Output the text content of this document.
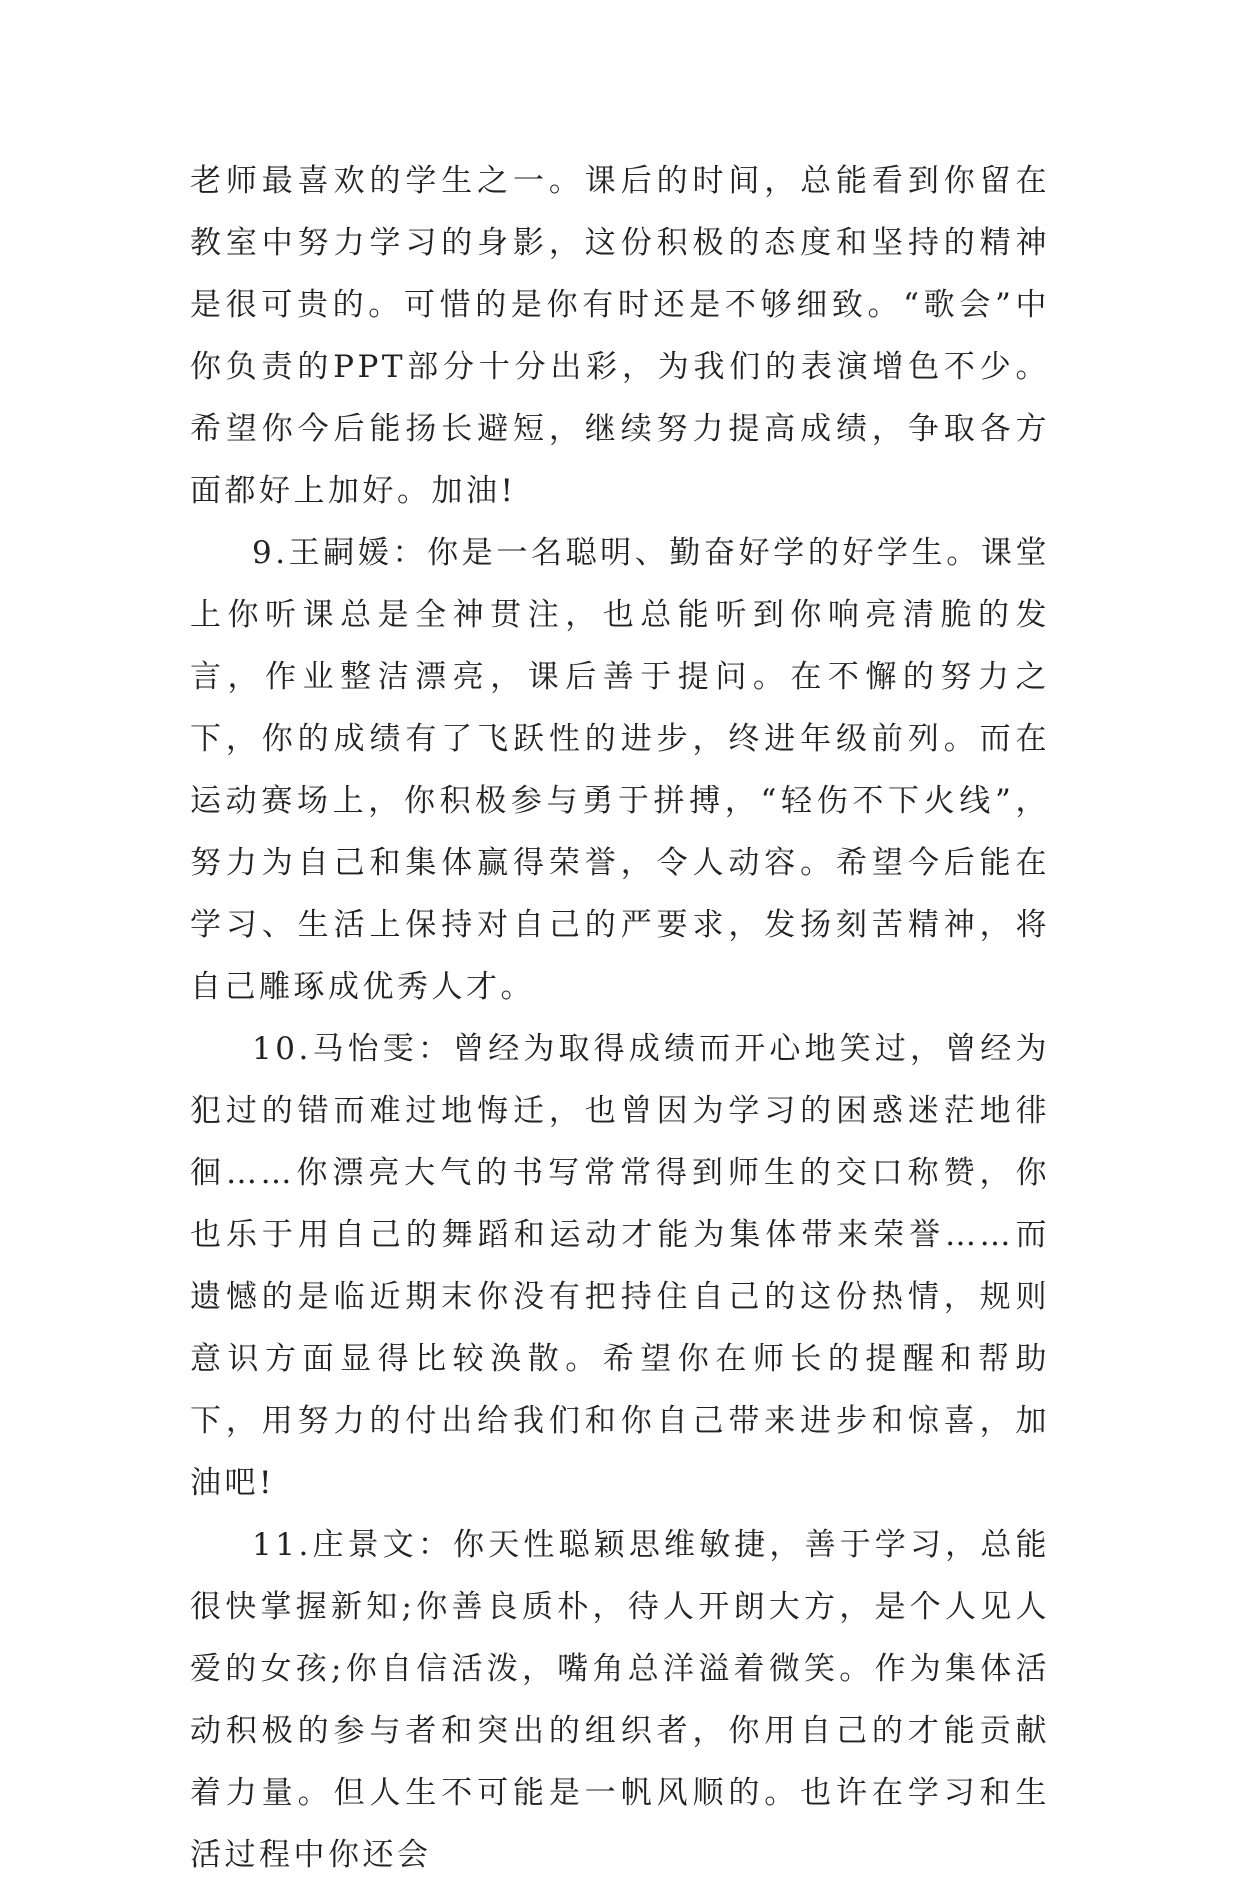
老师最喜欢的学生之一。课后的时间，总能看到你留在教室中努力学习的身影，这份积极的态度和坚持的精神是很可贵的。可惜的是你有时还是不够细致。“歌会”中你负责的PPT部分十分出彩，为我们的表演增色不少。希望你今后能扬长避短，继续努力提高成绩，争取各方面都好上加好。加油!

9.王嗣媛：你是一名聪明、勤奋好学的好学生。课堂上你听课总是全神贯注，也总能听到你响亮清脆的发言，作业整洁漂亮，课后善于提问。在不懈的努力之下，你的成绩有了飞跃性的进步，终进年级前列。而在运动赛场上，你积极参与勇于拼搏，“轻伤不下火线”，努力为自己和集体赢得荣誉，令人动容。希望今后能在学习、生活上保持对自己的严要求，发扬刻苦精神，将自己雕琢成优秀人才。

10.马怡雯：曾经为取得成绩而开心地笑过，曾经为犯过的错而难过地悔迁，也曾因为学习的困惑迷茫地徘徊……你漂亮大气的书写常常得到师生的交口称赞，你也乐于用自己的舞蹈和运动才能为集体带来荣誉……而遗憾的是临近期末你没有把持住自己的这份热情，规则意识方面显得比较涣散。希望你在师长的提醒和帮助下，用努力的付出给我们和你自己带来进步和惊喜，加油吧!

11.庄景文：你天性聪颖思维敏捷，善于学习，总能很快掌握新知;你善良质朴，待人开朗大方，是个人见人爱的女孩;你自信活泼，嘴角总洋溢着微笑。作为集体活动积极的参与者和突出的组织者，你用自己的才能贡献着力量。但人生不可能是一帆风顺的。也许在学习和生活过程中你还会
